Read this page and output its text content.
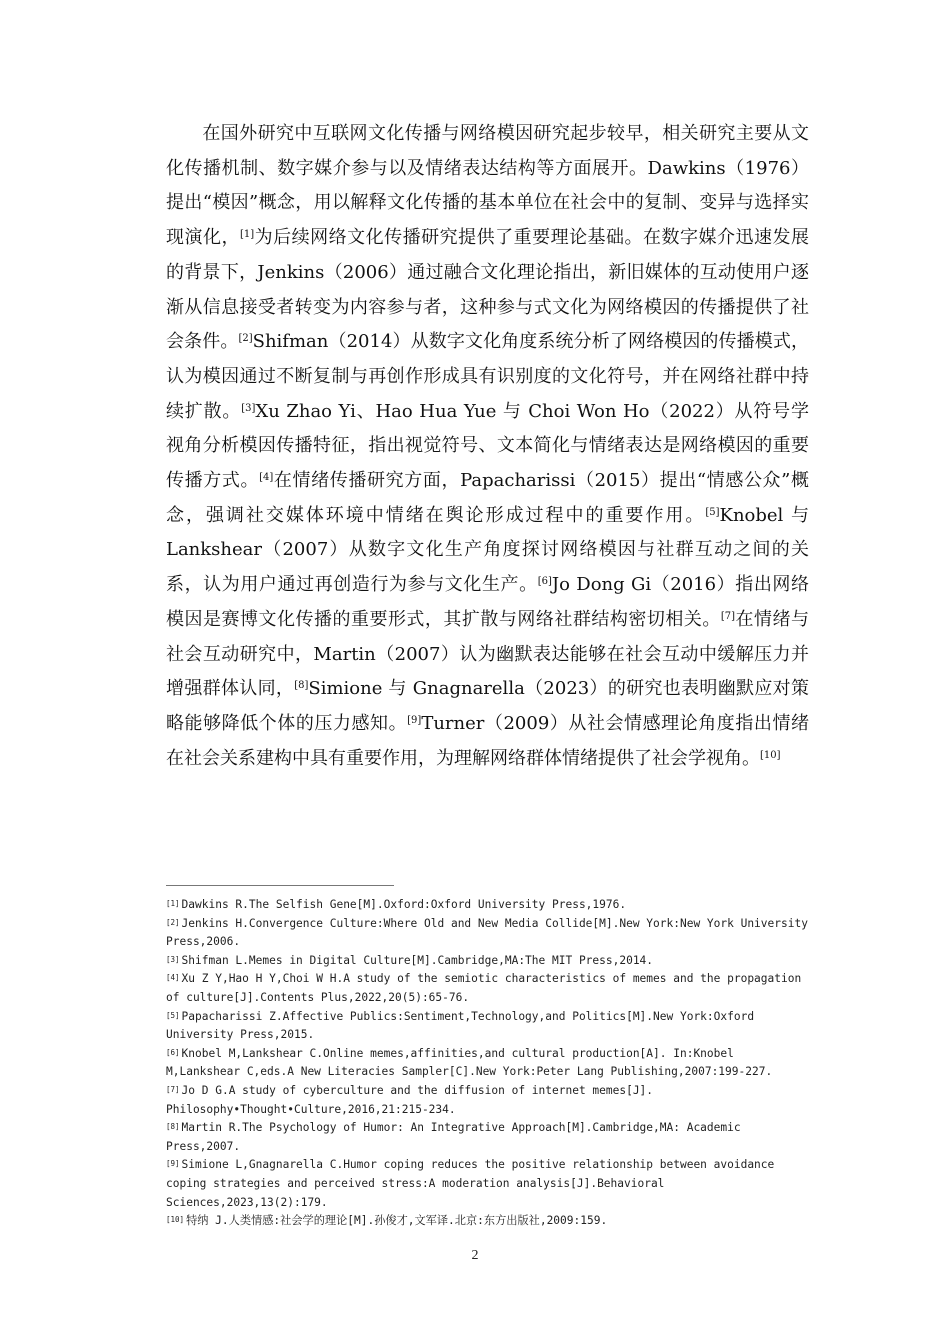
在国外研究中互联网文化传播与网络模因研究起步较早，相关研究主要从文化传播机制、数字媒介参与以及情绪表达结构等方面展开。Dawkins（1976）提出“模因”概念，用以解释文化传播的基本单位在社会中的复制、变异与选择实现演化，[1]为后续网络文化传播研究提供了重要理论基础。在数字媒介迅速发展的背景下，Jenkins（2006）通过融合文化理论指出，新旧媒体的互动使用户逐渐从信息接受者转变为内容参与者，这种参与式文化为网络模因的传播提供了社会条件。[2]Shifman（2014）从数字文化角度系统分析了网络模因的传播模式，认为模因通过不断复制与再创作形成具有识别度的文化符号，并在网络社群中持续扩散。[3]Xu Zhao Yi、Hao Hua Yue 与 Choi Won Ho（2022）从符号学视角分析模因传播特征，指出视觉符号、文本简化与情绪表达是网络模因的重要传播方式。[4]在情绪传播研究方面，Papacharissi（2015）提出“情感公众”概念，强调社交媒体环境中情绪在舆论形成过程中的重要作用。[5]Knobel 与 Lankshear（2007）从数字文化生产角度探讨网络模因与社群互动之间的关系，认为用户通过再创造行为参与文化生产。[6]Jo Dong Gi（2016）指出网络模因是赛博文化传播的重要形式，其扩散与网络社群结构密切相关。[7]在情绪与社会互动研究中，Martin（2007）认为幽默表达能够在社会互动中缓解压力并增强群体认同，[8]Simione 与 Gnagnarella（2023）的研究也表明幽默应对策略能够降低个体的压力感知。[9]Turner（2009）从社会情感理论角度指出情绪在社会关系建构中具有重要作用，为理解网络群体情绪提供了社会学视角。[10]

[1] Dawkins R.The Selfish Gene[M].Oxford:Oxford University Press,1976.

[2] Jenkins H.Convergence Culture:Where Old and New Media Collide[M].New York:New York University Press,2006.

[3] Shifman L.Memes in Digital Culture[M].Cambridge,MA:The MIT Press,2014.

[4] Xu Z Y,Hao H Y,Choi W H.A study of the semiotic characteristics of memes and the propagation of culture[J].Contents Plus,2022,20(5):65-76.

[5] Papacharissi Z.Affective Publics:Sentiment,Technology,and Politics[M].New York:Oxford University Press,2015.

[6] Knobel M,Lankshear C.Online memes,affinities,and cultural production[A]. In:Knobel M,Lankshear C,eds.A New Literacies Sampler[C].New York:Peter Lang Publishing,2007:199-227.

[7] Jo D G.A study of cyberculture and the diffusion of internet memes[J]. Philosophy•Thought•Culture,2016,21:215-234.

[8] Martin R.The Psychology of Humor: An Integrative Approach[M].Cambridge,MA: Academic Press,2007.

[9] Simione L,Gnagnarella C.Humor coping reduces the positive relationship between avoidance coping strategies and perceived stress:A moderation analysis[J].Behavioral Sciences,2023,13(2):179.

[10] 特纳 J.人类情感:社会学的理论[M].孙俊才,文军译.北京:东方出版社,2009:159.

2
